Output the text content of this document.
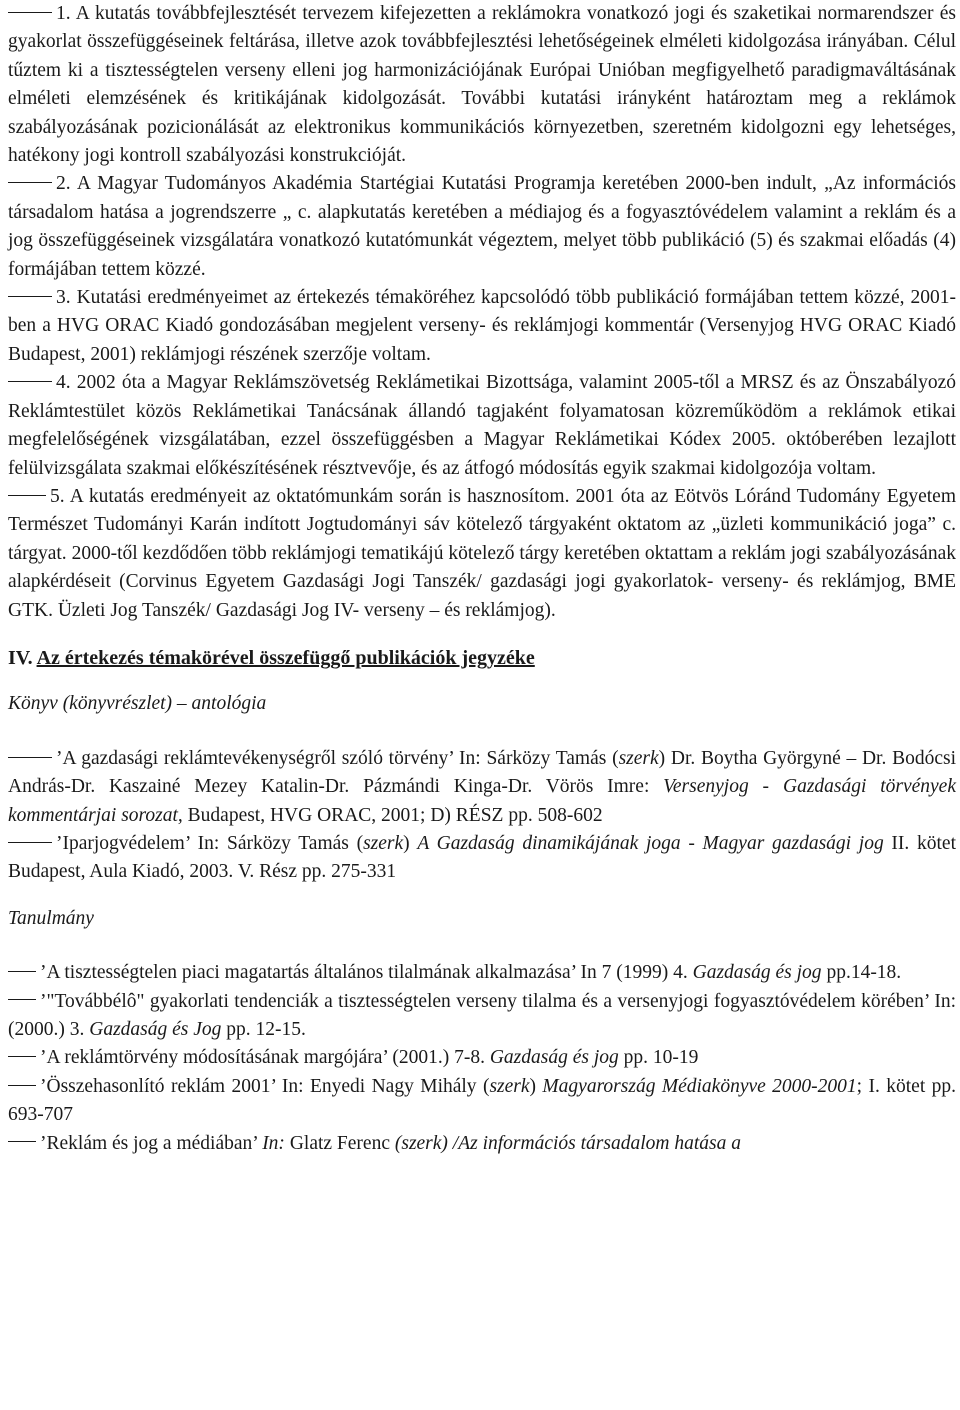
1. A kutatás továbbfejlesztését tervezem kifejezetten a reklámokra vonatkozó jogi és szaketikai normarendszer és gyakorlat összefüggéseinek feltárása, illetve azok továbbfejlesztési lehetőségeinek elméleti kidolgozása irányában. Célul tűztem ki a tisztességtelen verseny elleni jog harmonizációjának Európai Unióban megfigyelhető paradigmaváltásának elméleti elemzésének és kritikájának kidolgozását. További kutatási irányként határoztam meg a reklámok szabályozásának pozicionálását az elektronikus kommunikációs környezetben, szeretném kidolgozni egy lehetséges, hatékony jogi kontroll szabályozási konstrukcióját.

2. A Magyar Tudományos Akadémia Startégiai Kutatási Programja keretében 2000-ben indult, „Az információs társadalom hatása a jogrendszerre „ c. alapkutatás keretében a médiajog és a fogyasztóvédelem valamint a reklám és a jog összefüggéseinek vizsgálatára vonatkozó kutatómunkát végeztem, melyet több publikáció (5) és szakmai előadás (4) formájában tettem közzé.

3. Kutatási eredményeimet az értekezés témaköréhez kapcsolódó több publikáció formájában tettem közzé, 2001-ben a HVG ORAC Kiadó gondozásában megjelent verseny- és reklámjogi kommentár (Versenyjog HVG ORAC Kiadó Budapest, 2001) reklámjogi részének szerzője voltam.

4. 2002 óta a Magyar Reklámszövetség Reklámetikai Bizottsága, valamint 2005-től a MRSZ és az Önszabályozó Reklámtestület közös Reklámetikai Tanácsának állandó tagjaként folyamatosan közreműködöm a reklámok etikai megfelelőségének vizsgálatában, ezzel összefüggésben a Magyar Reklámetikai Kódex 2005. októberében lezajlott felülvizsgálata szakmai előkészítésének résztvevője, és az átfogó módosítás egyik szakmai kidolgozója voltam.

5. A kutatás eredményeit az oktatómunkám során is hasznosítom. 2001 óta az Eötvös Lóránd Tudomány Egyetem Természet Tudományi Karán indított Jogtudományi sáv kötelező tárgyaként oktatom az „üzleti kommunikáció joga” c. tárgyat. 2000-től kezdődően több reklámjogi tematikájú kötelező tárgy keretében oktattam a reklám jogi szabályozásának alapkérdéseit (Corvinus Egyetem Gazdasági Jogi Tanszék/ gazdasági jogi gyakorlatok- verseny- és reklámjog, BME GTK. Üzleti Jog Tanszék/ Gazdasági Jog IV- verseny – és reklámjog).

IV. Az értekezés témakörével összefüggő publikációk jegyzéke

Könyv (könyvrészlet) – antológia

’A gazdasági reklámtevékenységről szóló törvény’ In: Sárközy Tamás (szerk) Dr. Boytha Györgyné – Dr. Bodócsi András-Dr. Kaszainé Mezey Katalin-Dr. Pázmándi Kinga-Dr. Vörös Imre: Versenyjog - Gazdasági törvények kommentárjai sorozat, Budapest, HVG ORAC, 2001; D) RÉSZ pp. 508-602

’Iparjogvédelem’ In: Sárközy Tamás (szerk) A Gazdaság dinamikájának joga - Magyar gazdasági jog II. kötet Budapest, Aula Kiadó, 2003. V. Rész pp. 275-331

Tanulmány

’A tisztességtelen piaci magatartás általános tilalmának alkalmazása’ In 7 (1999) 4. Gazdaság és jog pp.14-18.

’"Továbbélô" gyakorlati tendenciák a tisztességtelen verseny tilalma és a versenyjogi fogyasztóvédelem körében’ In: (2000.) 3. Gazdaság és Jog pp. 12-15.

’A reklámtörvény módosításának margójára’ (2001.) 7-8. Gazdaság és jog pp. 10-19

’Összehasonlító reklám 2001’ In: Enyedi Nagy Mihály (szerk) Magyarország Médiakönyve 2000-2001; I. kötet pp. 693-707

’Reklám és jog a médiában’ In: Glatz Ferenc (szerk) /Az információs társadalom hatása a
